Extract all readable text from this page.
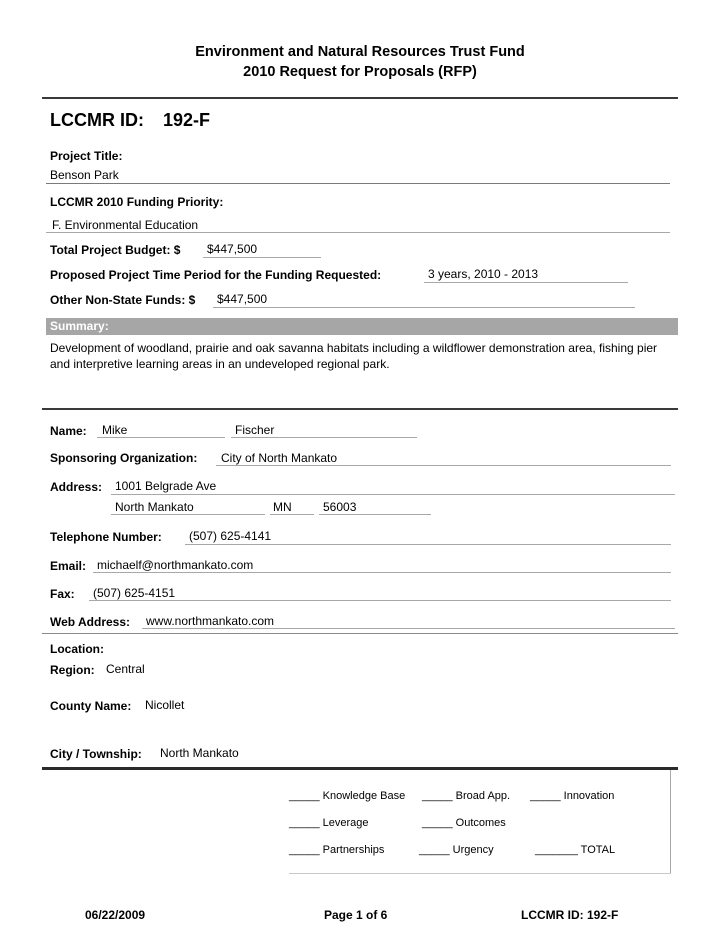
Environment and Natural Resources Trust Fund
2010 Request for Proposals (RFP)
LCCMR ID: 192-F
Project Title:
Benson Park
LCCMR 2010 Funding Priority:
F. Environmental Education
Total Project Budget: $ $447,500
Proposed Project Time Period for the Funding Requested:	3 years, 2010 - 2013
Other Non-State Funds: $ $447,500
Summary:
Development of woodland, prairie and oak savanna habitats including a wildflower demonstration area, fishing pier and interpretive learning areas in an undeveloped regional park.
Name: Mike	Fischer
Sponsoring Organization: City of North Mankato
Address: 1001 Belgrade Ave
North Mankato	MN	56003
Telephone Number: (507) 625-4141
Email: michaelf@northmankato.com
Fax: (507) 625-4151
Web Address: www.northmankato.com
Location:
Region: Central
County Name: Nicollet
City / Township: North Mankato
_____ Knowledge Base _____ Broad App. _____ Innovation
_____ Leverage	_____ Outcomes
_____ Partnerships	_____ Urgency	_______ TOTAL
06/22/2009	Page 1 of 6	LCCMR ID: 192-F
